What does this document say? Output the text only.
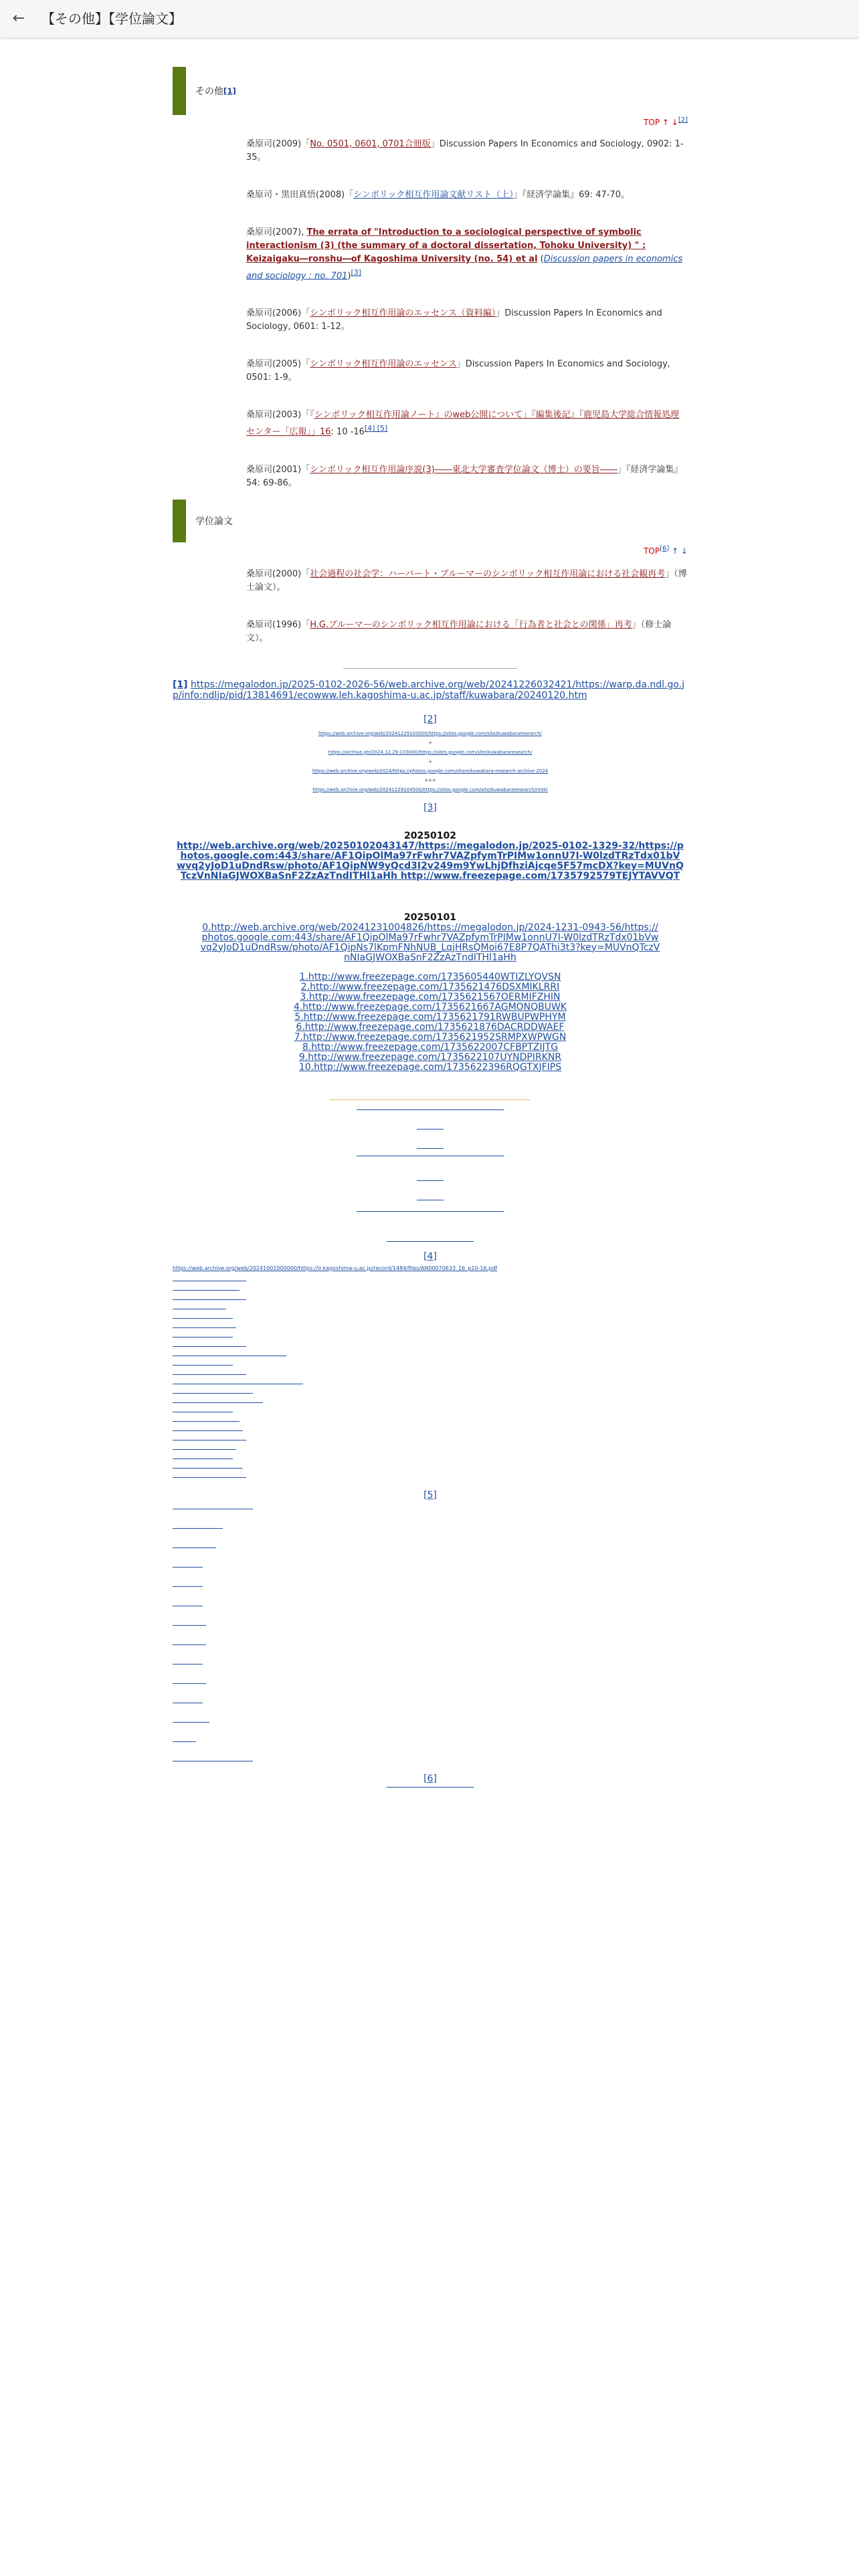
← 【その他】【学位論文】
その他 [1]

TOP ↑ ↓[2]

桑原司(2009)「No. 0501, 0601, 0701合冊版」Discussion Papers In Economics and Sociology, 0902: 1-35。

桑原司・黒田真悟(2008)「シンボリック相互作用論文献リスト（上）」『経済学論集』69: 47-70。

桑原司(2007), The errata of "Introduction to a sociological perspective of symbolic interactionism (3) (the summary of a doctoral dissertation, Tohoku University) " : Keizaigaku―ronshu―of Kagoshima University (no. 54) et al (Discussion papers in economics and sociology : no. 701)[3]

桑原司(2006)「シンボリック相互作用論のエッセンス（資料編）」Discussion Papers In Economics and Sociology, 0601: 1-12。

桑原司(2005)「シンボリック相互作用論のエッセンス」Discussion Papers In Economics and Sociology, 0501: 1-9。

桑原司(2003)「『シンボリック相互作用論ノート』のweb公開について」『編集後記』『鹿児島大学総合情報処理センター「広報」」16: 10 -16[4] [5]

桑原司(2001)「シンボリック相互作用論序説(3)――東北大学審査学位論文（博士）の要旨――」『経済学論集』54: 69-86。

学位論文

TOP[6] ↑ ↓

桑原司(2000)「社会過程の社会学：ハーバート・ブルーマーのシンボリック相互作用論における社会観再考」（博士論文）。

桑原司(1996)「H.G.ブルーマーのシンボリック相互作用論における「行為者と社会との関係」再考」（修士論文）。

[1] https://megalodon.jp/2025-0102-2026-56/web.archive.org/web/20241226032421/https://warp.da.ndl.go.jp/info:ndljp/pid/13814691/ecowww.leh.kagoshima-u.ac.jp/staff/kuwabara/20240120.htm
[2]
https://web.archive.org/web/20241229103000/https://sites.google.com/site/kuwabararesearch/
+
https://archive.ph/2024.12.29-103000/https://sites.google.com/site/kuwabararesearch/
+
https://web.archive.org/web/2024/https://photos.google.com/share/kuwabara-research-archive-2024
+++
https://web.archive.org/web/20241229104500/https://sites.google.com/site/kuwabararesearch/rireki
[3]
20250102
http://web.archive.org/web/20250102043147/https://megalodon.jp/2025-0102-1329-32/https://photos.google.com:443/share/AF1QipOlMa97rFwhr7VAZpfymTrPIMw1onnU7I-W0lzdTRzTdx01bVwvq2yJoD1uDndRsw/photo/AF1QipNW9yQcd3I2v249m9YwLhjDfhziAjcqe5F57mcDX?key=MUVnQTczVnNIaGJWOXBaSnF2ZzAzTndITHl1aHh http://www.freezepage.com/1735792579TEJYTAVVQT
20250101
0.http://web.archive.org/web/20241231004826/https://megalodon.jp/2024-1231-0943-56/https://photos.google.com:443/share/AF1QipOlMa97rFwhr7VAZpfymTrPIMw1onnU7I-W0lzdTRzTdx01bVwvq2yJoD1uDndRsw/photo/AF1QipNs7lKpmFNhNUB_LqjHRsQMoi67E8P7QAThi3t3?key=MUVnQTczVnNIaGJWOXBaSnF2ZzAzTndITHl1aHh
1.http://www.freezepage.com/1735605440WTIZLYQVSN
2.http://www.freezepage.com/1735621476DSXMIKLRRI
3.http://www.freezepage.com/1735621567OERMIFZHIN
4.http://www.freezepage.com/1735621667AGMONQBUWK
5.http://www.freezepage.com/1735621791RWBUPWPHYM
6.http://www.freezepage.com/1735621876DACRDDWAEF
7.http://www.freezepage.com/1735621952SRMPXWPWGN
8.http://www.freezepage.com/1735622007CFBPTZIJTG
9.http://www.freezepage.com/1735622107UYNDPIRKNR
10.http://www.freezepage.com/1735622396RQGTXJFIPS
[4]
https://web.archive.org/web/20241001000000/https://ir.kagoshima-u.ac.jp/record/1484/files/AN00070633_16_p10-16.pdf
[5]
[6]
